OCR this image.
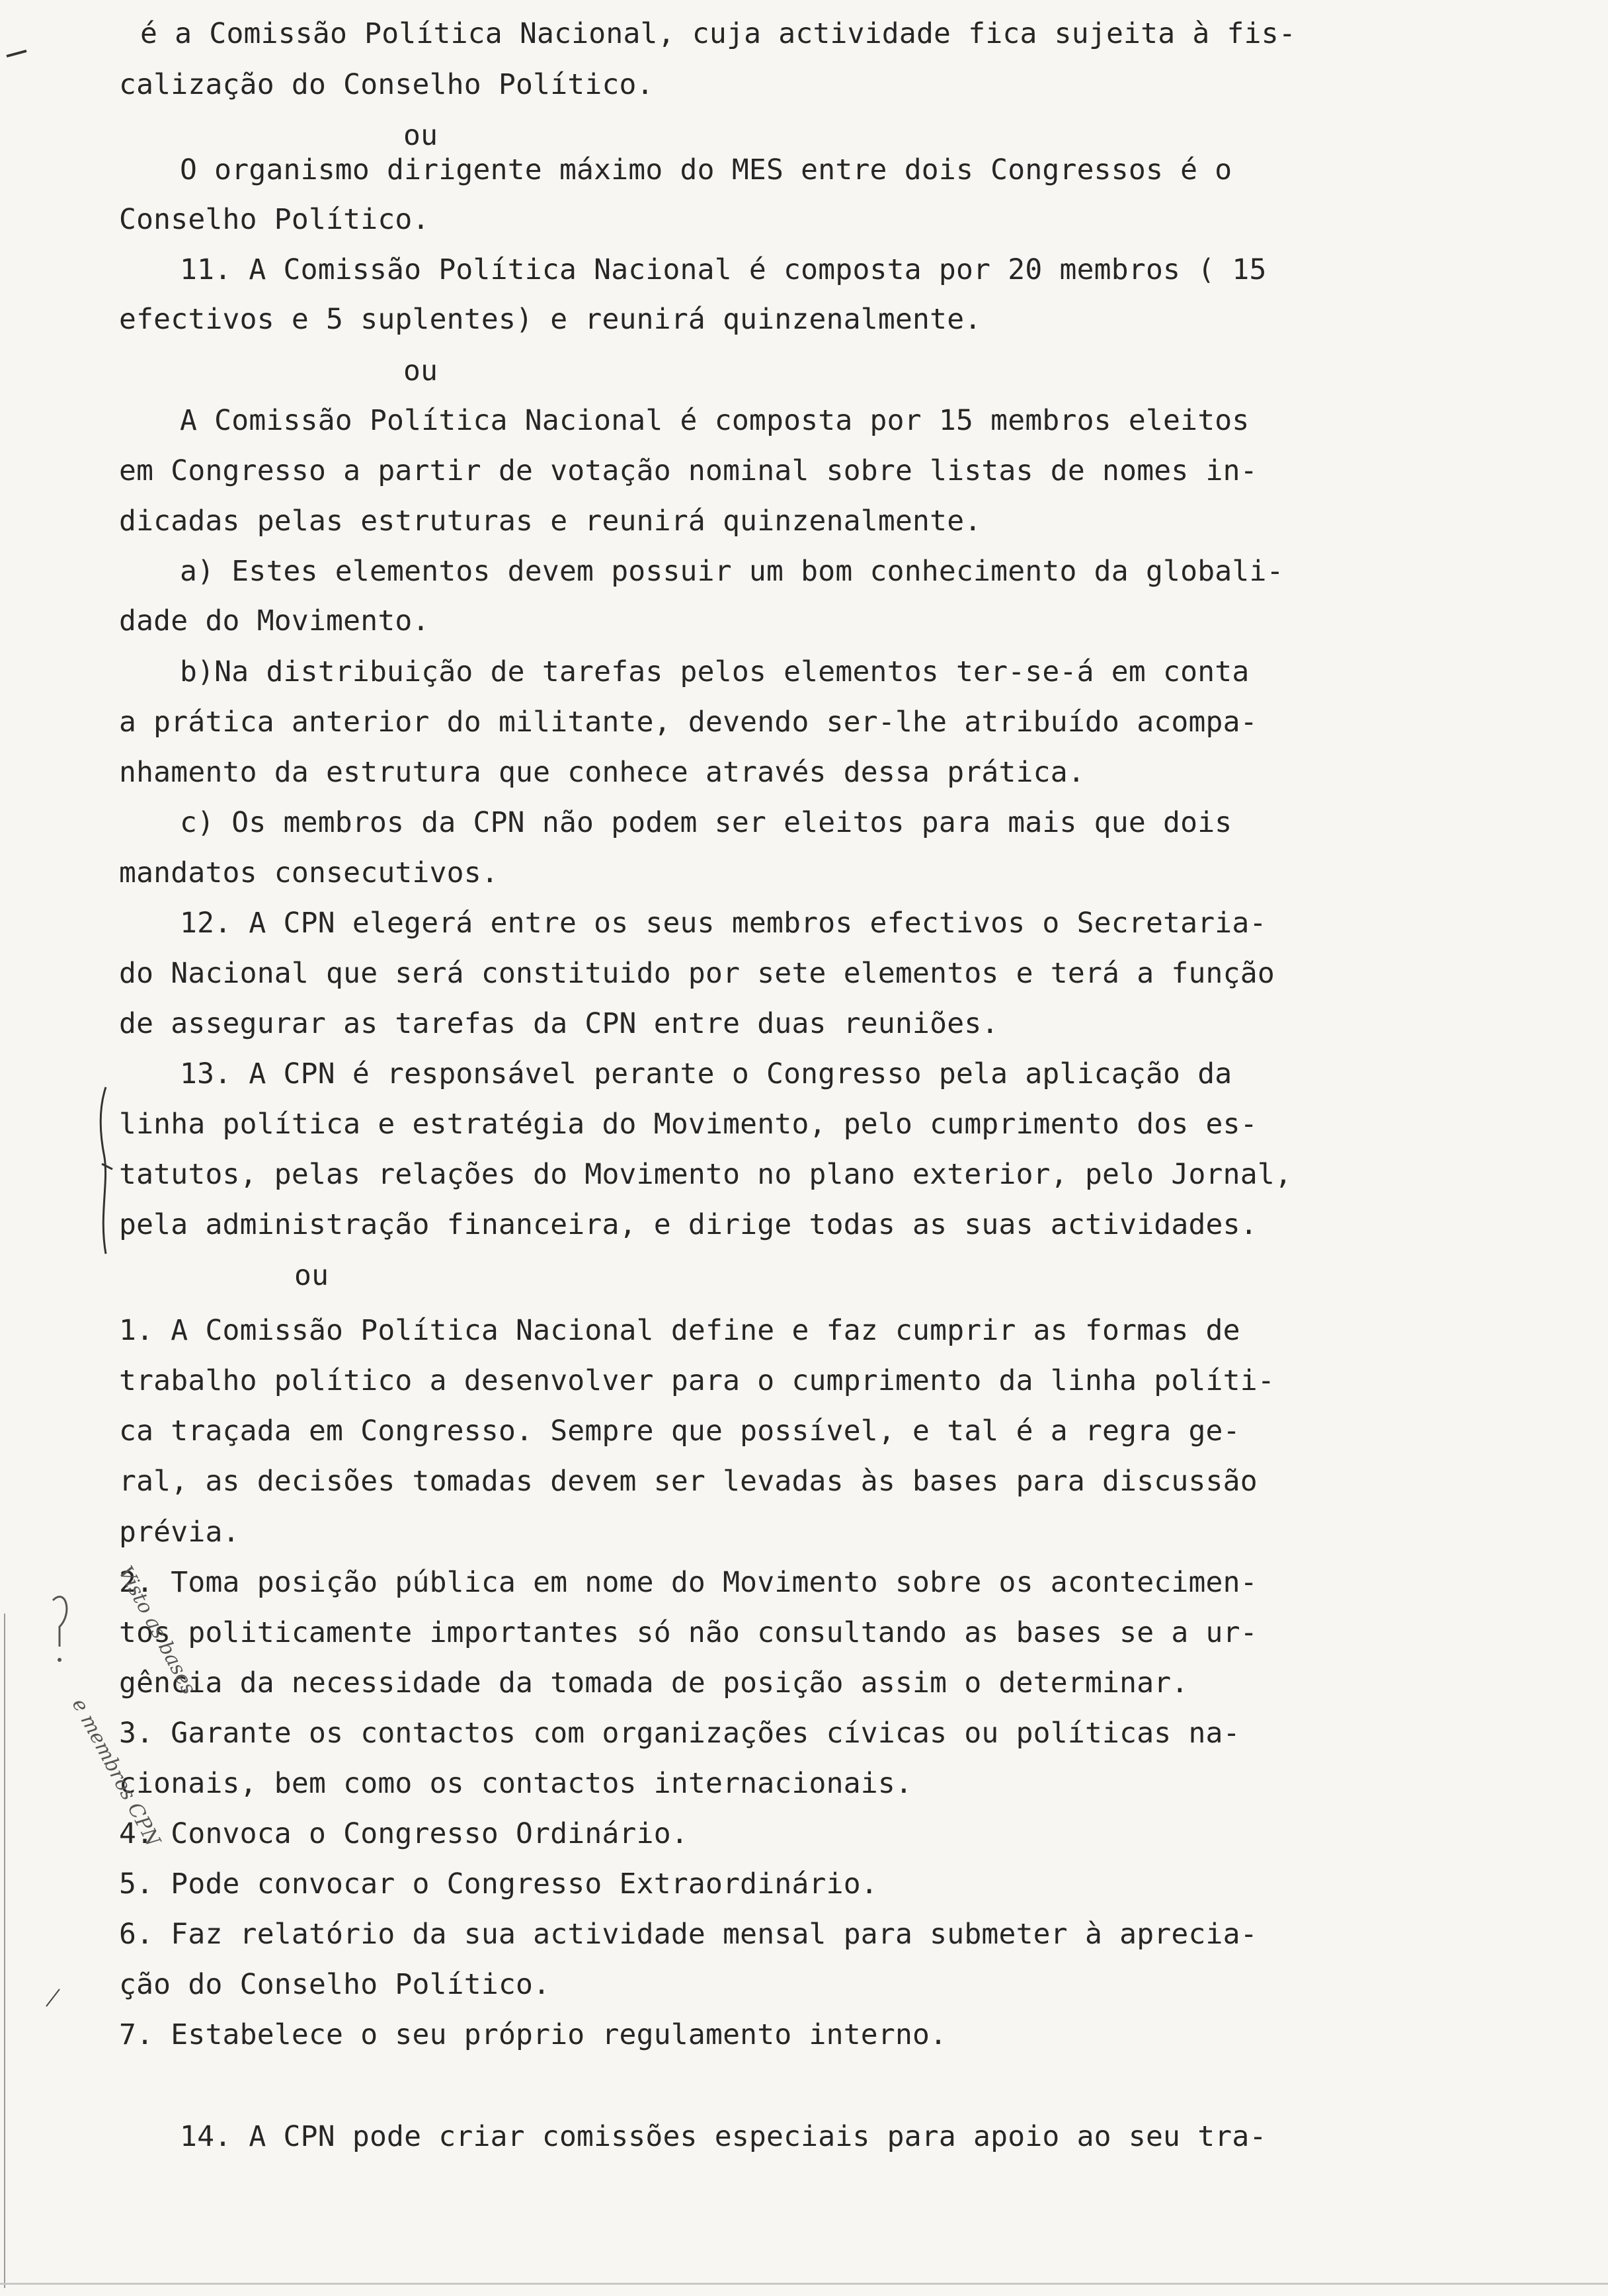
é a Comissão Política Nacional, cuja actividade fica sujeita à fis-

calização do Conselho Político.

ou

O organismo dirigente máximo do MES entre dois Congressos é o

Conselho Político.

11. A Comissão Política Nacional é composta por 20 membros ( 15

efectivos e 5 suplentes) e reunirá quinzenalmente.

ou

A Comissão Política Nacional é composta por 15 membros eleitos

em Congresso a partir de votação nominal sobre listas de nomes in-

dicadas pelas estruturas e reunirá quinzenalmente.

a) Estes elementos devem possuir um bom conhecimento da globali-

dade do Movimento.

b)Na distribuição de tarefas pelos elementos ter-se-á em conta

a prática anterior do militante, devendo ser-lhe atribuído acompa-

nhamento da estrutura que conhece através dessa prática.

c) Os membros da CPN não podem ser eleitos para mais que dois

mandatos consecutivos.

12. A CPN elegerá entre os seus membros efectivos o Secretaria-

do Nacional que será constituido por sete elementos e terá a função

de assegurar as tarefas da CPN entre duas reuniões.

13. A CPN é responsável perante o Congresso pela aplicação da

linha política e estratégia do Movimento, pelo cumprimento dos es-

tatutos, pelas relações do Movimento no plano exterior, pelo Jornal,

pela administração financeira, e dirige todas as suas actividades.

ou

1. A Comissão Política Nacional define e faz cumprir as formas de

trabalho político a desenvolver para o cumprimento da linha políti-

ca traçada em Congresso. Sempre que possível, e tal é a regra ge-

ral, as decisões tomadas devem ser levadas às bases para discussão

prévia.

2. Toma posição pública em nome do Movimento sobre os acontecimen-

tos politicamente importantes só não consultando as bases se a ur-

gência da necessidade da tomada de posição assim o determinar.

3. Garante os contactos com organizações cívicas ou políticas na-

cionais, bem como os contactos internacionais.

4. Convoca o Congresso Ordinário.

5. Pode convocar o Congresso Extraordinário.

6. Faz relatório da sua actividade mensal para submeter à aprecia-

ção do Conselho Político.

7. Estabelece o seu próprio regulamento interno.

14. A CPN pode criar comissões especiais para apoio ao seu tra-

Visto as bases
e membros CPN
